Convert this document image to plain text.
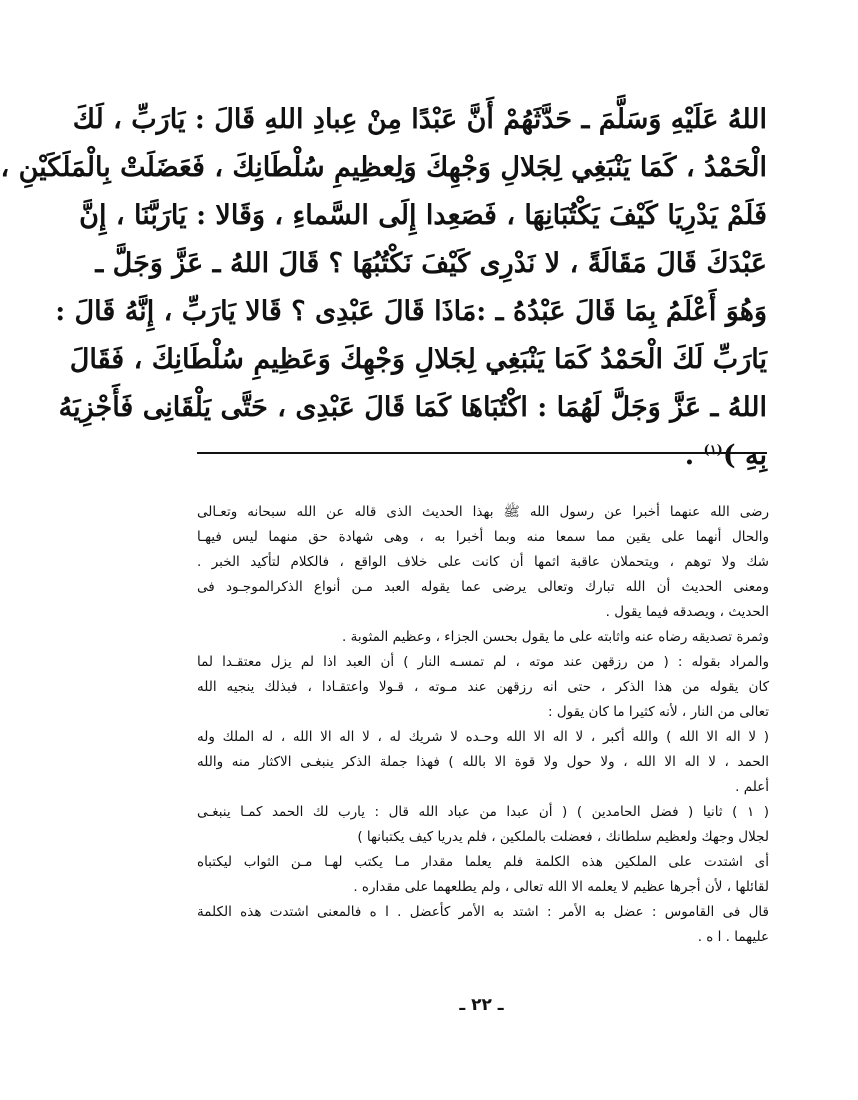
اللهُ عَلَيْهِ وَسَلَّمَ ـ حَدَّثَهُمْ أَنَّ عَبْدًا مِنْ عِبادِ اللهِ قَالَ : يَارَبِّ ، لَكَ
الْحَمْدُ ، كَمَا يَنْبَغِي لِجَلالِ وَجْهِكَ وَلِعظِيمِ سُلْطَانِكَ ، فَعَضَلَتْ بِالْمَلَكَيْنِ ،
فَلَمْ يَدْرِيَا كَيْفَ يَكْتُبَانِهَا ، فَصَعِدا إِلَى السَّماءِ ، وَقَالا : يَارَبَّنَا ، إِنَّ
عَبْدَكَ قَالَ مَقَالَةً ، لا نَدْرِى كَيْفَ نَكْتُبُهَا ؟ قَالَ اللهُ ـ عَزَّ وَجَلَّ ـ
وَهُوَ أَعْلَمُ بِمَا قَالَ عَبْدُهُ ـ :مَاذَا قَالَ عَبْدِى ؟ قَالا يَارَبِّ ، إِنَّهُ قَالَ :
يَارَبِّ لَكَ الْحَمْدُ كَمَا يَنْبَغِي لِجَلالِ وَجْهِكَ وَعَظِيمِ سُلْطَانِكَ ، فَقَالَ
اللهُ ـ عَزَّ وَجَلَّ لَهُمَا : اكْتُبَاهَا كَمَا قَالَ عَبْدِى ، حَتَّى يَلْقَانِى فَأَجْزِيَهُ
بِهِ )$^{(١)}$ .
رضى الله عنهما أخبرا عن رسول الله ﷺ بهذا الحديث الذى قاله عن الله سبحانه وتعـالى
والحال أنهما على يقين مما سمعا منه وبما أخبرا به ، وهى شهادة حق منهما ليس فيهـا
شك ولا توهم ، ويتحملان عاقبة اثمها أن كانت على خلاف الواقع ، فالكلام لتأكيد الخبر .
ومعنى الحديث أن الله تبارك وتعالى يرضى عما يقوله العبد مـن أنواع الذكرالموجـود فى
الحديث ، ويصدقه فيما يقول .
وثمرة تصديقه رضاه عنه واثابته على ما يقول بحسن الجزاء ، وعظيم المثوبة .
والمراد بقوله : ( من رزقهن عند موته ، لم تمسـه النار ) أن العبد اذا لم يزل معتقـدا لما
كان يقوله من هذا الذكر ، حتى انه رزقهن عند مـوته ، قـولا واعتقـادا ، فبذلك ينجيه الله
تعالى من النار ، لأنه كثيرا ما كان يقول :
( لا اله الا الله ) والله أكبر ، لا اله الا الله وحـده لا شريك له ، لا اله الا الله ، له الملك وله
الحمد ، لا اله الا الله ، ولا حول ولا قوة الا بالله ) فهذا جملة الذكر ينبغـى الاكثار منه والله
أعلم .
( ١ ) ثانيا ( فضل الحامدين ) ( أن عبدا من عباد الله قال : يارب لك الحمد كمـا ينبغـى
لجلال وجهك ولعظيم سلطانك ، فعضلت بالملكين ، فلم يدريا كيف يكتبانها )
أى اشتدت على الملكين هذه الكلمة فلم يعلما مقدار مـا يكتب لهـا مـن الثواب ليكتباه
لقائلها ، لأن أجرها عظيم لا يعلمه الا الله تعالى ، ولم يطلعهما على مقداره .
قال فى القاموس : عضل به الأمر : اشتد به الأمر كأعضل . ا ه فالمعنى اشتدت هذه الكلمة
عليهما . ا ه .
ـ ٢٢ ـ
